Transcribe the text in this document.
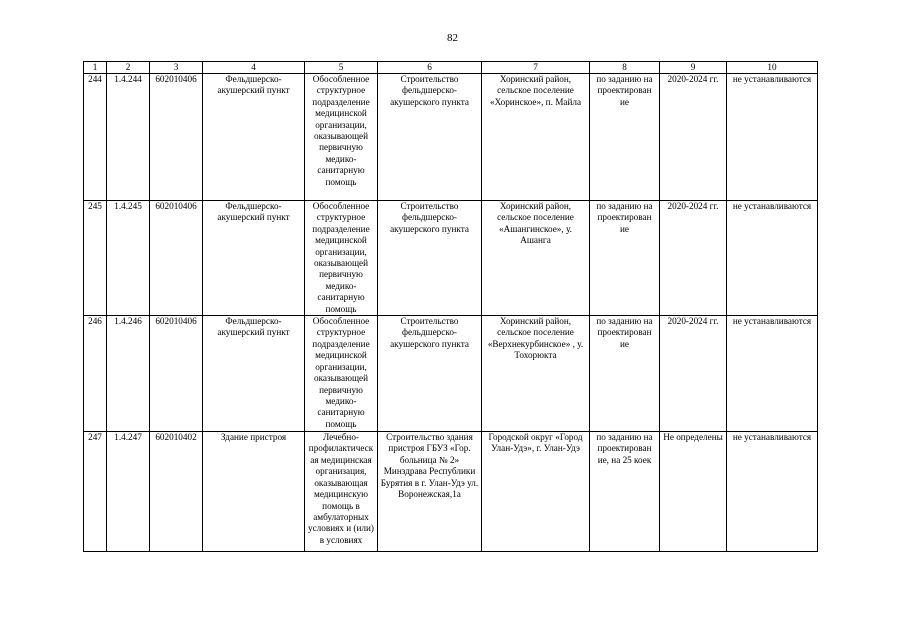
82
1	2	3	4	5	6	7	8	9	10
244	1.4.244	602010406	Фельдшерско-акушерский пункт	Обособленное структурное подразделение медицинской организации, оказывающей первичную медико-санитарную помощь	Строительство фельдшерско-акушерского пункта	Хоринский район, сельское поселение «Хоринское», п. Майла	по заданию на проектирован ие	2020-2024 гг.	не устанавливаются
245	1.4.245	602010406	Фельдшерско-акушерский пункт	Обособленное структурное подразделение медицинской организации, оказывающей первичную медико-санитарную помощь	Строительство фельдшерско-акушерского пункта	Хоринский район, сельское поселение «Ашангинское», у. Ашанга	по заданию на проектирован ие	2020-2024 гг.	не устанавливаются
246	1.4.246	602010406	Фельдшерско-акушерский пункт	Обособленное структурное подразделение медицинской организации, оказывающей первичную медико-санитарную помощь	Строительство фельдшерско-акушерского пункта	Хоринский район, сельское поселение «Верхнекурбинское» , у. Тохорюкта	по заданию на проектирован ие	2020-2024 гг.	не устанавливаются
247	1.4.247	602010402	Здание пристроя	Лечебно-профилактическ ая медицинская организация, оказывающая медицинскую помощь в амбулаторных условиях и (или) в условиях	Строительство здания пристроя ГБУЗ «Гор. больница № 2» Минздрава Республики Бурятия в г. Улан-Удэ ул. Воронежская,1а	Городской округ «Город Улан-Удэ», г. Улан-Удэ	по заданию на проектирован ие, на 25 коек	Не определены	не устанавливаются
